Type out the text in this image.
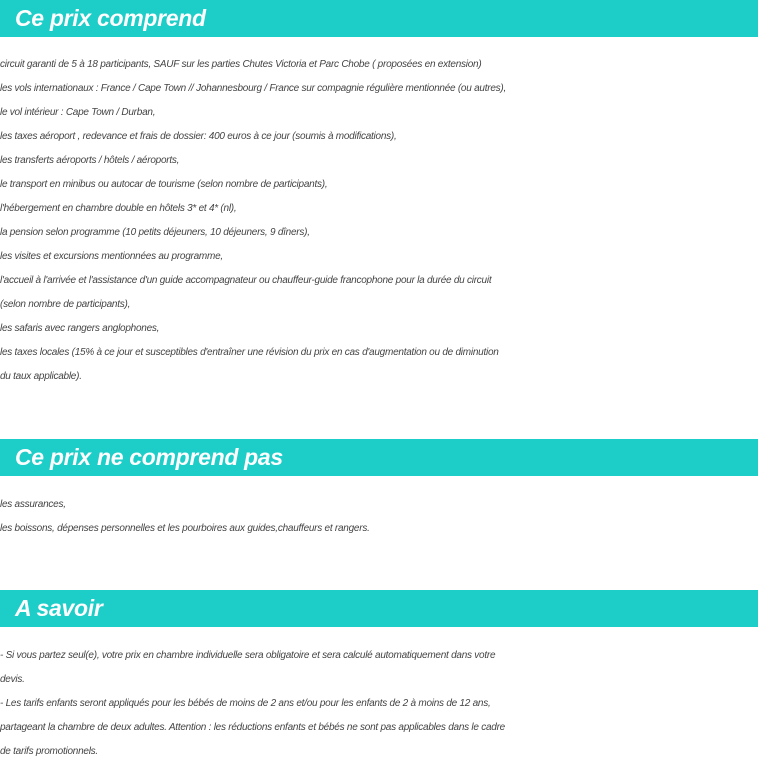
Ce prix comprend
circuit garanti de 5 à 18 participants, SAUF sur les parties Chutes Victoria et Parc Chobe ( proposées en extension)
les vols internationaux : France / Cape Town // Johannesbourg / France sur compagnie régulière mentionnée (ou autres),
le vol intérieur : Cape Town / Durban,
les taxes aéroport , redevance et frais de dossier: 400 euros à ce jour (soumis à modifications),
les transferts aéroports / hôtels / aéroports,
le transport en minibus ou autocar de tourisme (selon nombre de participants),
l'hébergement en chambre double en hôtels 3* et 4* (nl),
la pension selon programme (10 petits déjeuners, 10 déjeuners, 9 dîners),
les visites et excursions mentionnées au programme,
l'accueil à l'arrivée et l'assistance d'un guide accompagnateur ou chauffeur-guide francophone pour la durée du circuit
(selon nombre de participants),
les safaris avec rangers anglophones,
les taxes locales (15% à ce jour et susceptibles d'entraîner une révision du prix en cas d'augmentation ou de diminution
du taux applicable).
Ce prix ne comprend pas
les assurances,
les boissons, dépenses personnelles et les pourboires aux guides,chauffeurs et rangers.
A savoir
- Si vous partez seul(e), votre prix en chambre individuelle sera obligatoire et sera calculé automatiquement dans votre
devis.
- Les tarifs enfants seront appliqués pour les bébés de moins de 2 ans et/ou pour les enfants de 2 à moins de 12 ans,
partageant la chambre de deux adultes. Attention : les réductions enfants et bébés ne sont pas applicables dans le cadre
de tarifs promotionnels.
